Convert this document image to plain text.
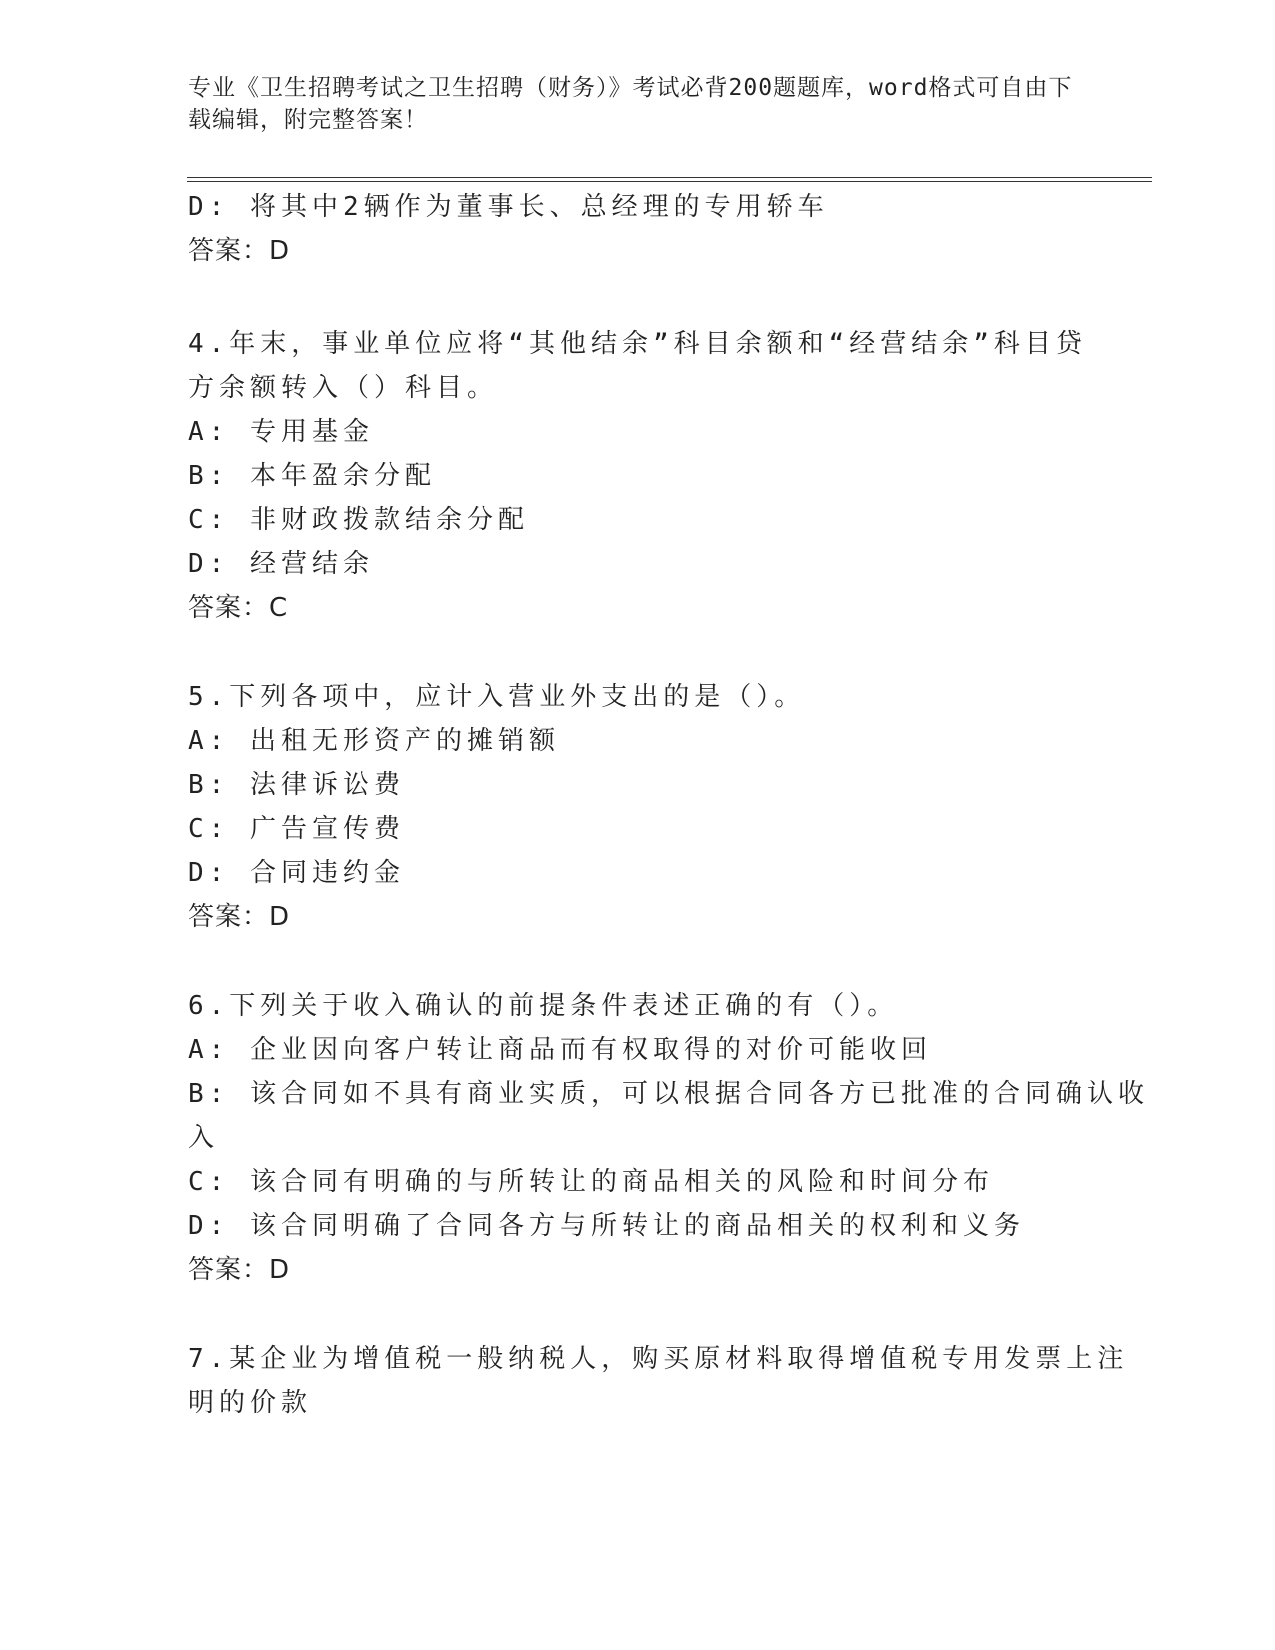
专业《卫生招聘考试之卫生招聘（财务）》考试必背200题题库，word格式可自由下载编辑，附完整答案！
D: 将其中2辆作为董事长、总经理的专用轿车
答案：D
4.年末，事业单位应将“其他结余”科目余额和“经营结余”科目贷
方余额转入（）科目。
A: 专用基金
B: 本年盈余分配
C: 非财政拨款结余分配
D: 经营结余
答案：C
5.下列各项中，应计入营业外支出的是（）。
A: 出租无形资产的摊销额
B: 法律诉讼费
C: 广告宣传费
D: 合同违约金
答案：D
6.下列关于收入确认的前提条件表述正确的有（）。
A: 企业因向客户转让商品而有权取得的对价可能收回
B: 该合同如不具有商业实质，可以根据合同各方已批准的合同确认收
入
C: 该合同有明确的与所转让的商品相关的风险和时间分布
D: 该合同明确了合同各方与所转让的商品相关的权利和义务
答案：D
7.某企业为增值税一般纳税人，购买原材料取得增值税专用发票上注
明的价款
